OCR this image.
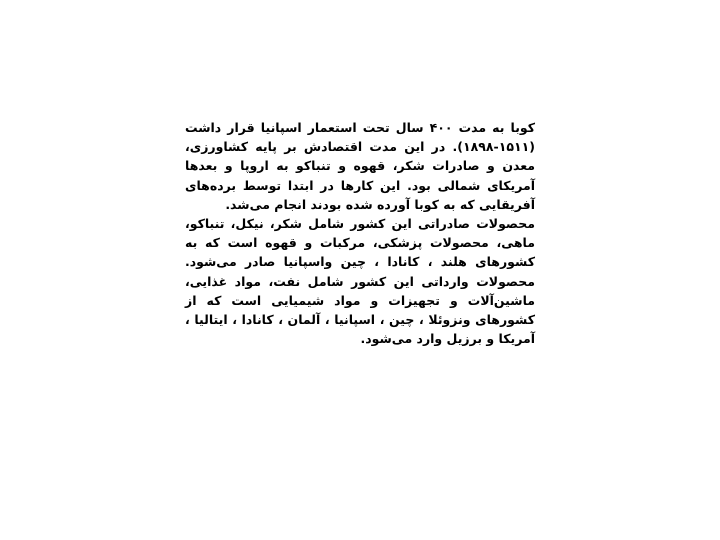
کوبا به مدت ۴۰۰ سال تحت استعمار اسپانیا قرار داشت (۱۵۱۱-۱۸۹۸). در این مدت اقتصادش بر پایه کشاورزی، معدن و صادرات شکر، قهوه و تنباکو به اروپا و بعدها آمریکای شمالی بود. این کارها در ابتدا توسط برده‌های آفریقایی که به کوبا آورده شده بودند انجام می‌شد.

محصولات صادراتی این کشور شامل شکر، نیکل، تنباکو، ماهی، محصولات پزشکی، مرکبات و قهوه است که به کشورهای هلند ، کانادا ، چین واسپانیا صادر می‌شود. محصولات وارداتی این کشور شامل نفت، مواد غذایی، ماشین‌آلات و تجهیزات و مواد شیمیایی است که از کشورهای ونزوئلا ، چین ، اسپانیا ، آلمان ، کانادا ، ایتالیا ، آمریکا و برزیل وارد می‌شود.
